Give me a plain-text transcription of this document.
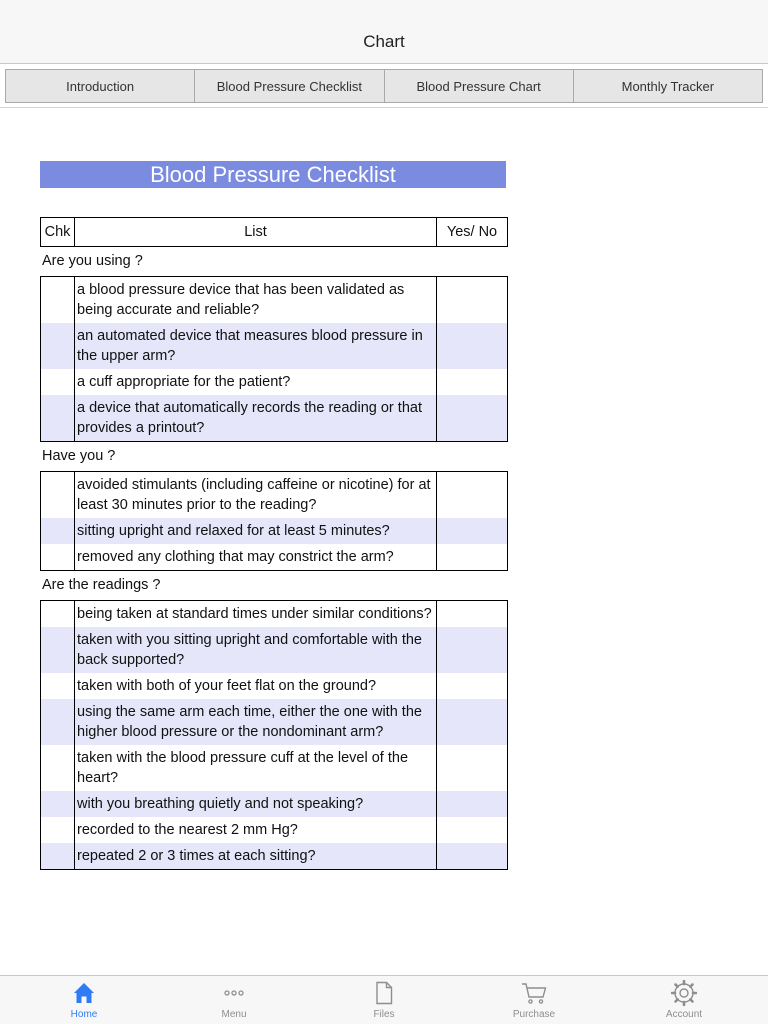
Chart
Introduction	Blood Pressure Checklist	Blood Pressure Chart	Monthly Tracker
Blood Pressure Checklist
Chk	List	Yes/ No
Are you using ?
	a blood pressure device that has been validated as being accurate and reliable?	
	an automated device that measures blood pressure in the upper arm?	
	a cuff appropriate for the patient?	
	a device that automatically records the reading or that provides a printout?	
Have you ?
	avoided stimulants (including caffeine or nicotine) for at least 30 minutes prior to the reading?	
	sitting upright and relaxed for at least 5 minutes?	
	removed any clothing that may constrict the arm?	
Are the readings ?
	being taken at standard times under similar conditions?	
	taken with you sitting upright and comfortable with the back supported?	
	taken with both of your feet flat on the ground?	
	using the same arm each time, either the one with the higher blood pressure or the nondominant arm?	
	taken with the blood pressure cuff at the level of the heart?	
	with you breathing quietly and not speaking?	
	recorded to the nearest 2 mm Hg?	
	repeated 2 or 3 times at each sitting?	
Home	Menu	Files	Purchase	Account
